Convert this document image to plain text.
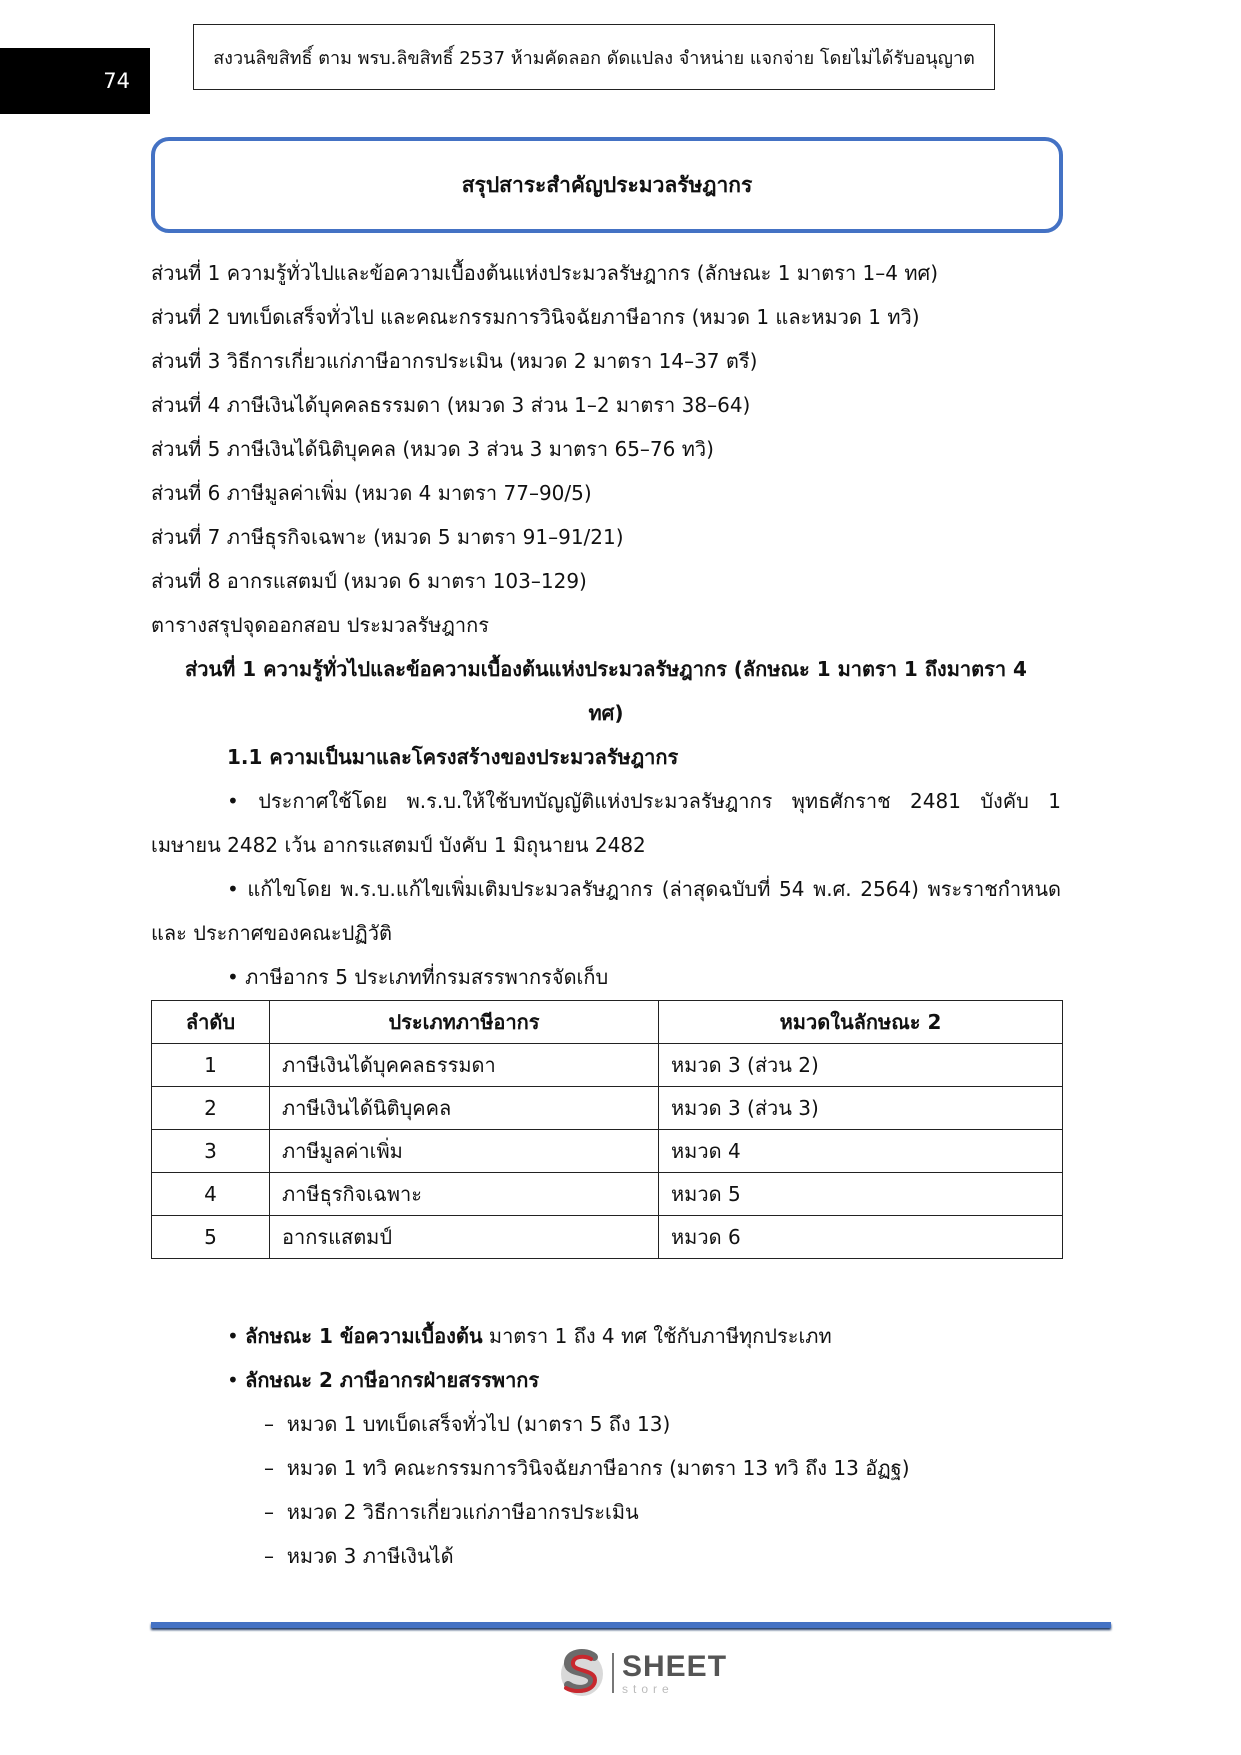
74
สงวนลิขสิทธิ์ ตาม พรบ.ลิขสิทธิ์ 2537 ห้ามคัดลอก ดัดแปลง จำหน่าย แจกจ่าย โดยไม่ได้รับอนุญาต
สรุปสาระสำคัญประมวลรัษฎากร
ส่วนที่ 1 ความรู้ทั่วไปและข้อความเบื้องต้นแห่งประมวลรัษฎากร (ลักษณะ 1 มาตรา 1–4 ทศ)
ส่วนที่ 2 บทเบ็ดเสร็จทั่วไป และคณะกรรมการวินิจฉัยภาษีอากร (หมวด 1 และหมวด 1 ทวิ)
ส่วนที่ 3 วิธีการเกี่ยวแก่ภาษีอากรประเมิน (หมวด 2 มาตรา 14–37 ตรี)
ส่วนที่ 4 ภาษีเงินได้บุคคลธรรมดา (หมวด 3 ส่วน 1–2 มาตรา 38–64)
ส่วนที่ 5 ภาษีเงินได้นิติบุคคล (หมวด 3 ส่วน 3 มาตรา 65–76 ทวิ)
ส่วนที่ 6 ภาษีมูลค่าเพิ่ม (หมวด 4 มาตรา 77–90/5)
ส่วนที่ 7 ภาษีธุรกิจเฉพาะ (หมวด 5 มาตรา 91–91/21)
ส่วนที่ 8 อากรแสตมป์ (หมวด 6 มาตรา 103–129)
ตารางสรุปจุดออกสอบ ประมวลรัษฎากร
ส่วนที่ 1 ความรู้ทั่วไปและข้อความเบื้องต้นแห่งประมวลรัษฎากร (ลักษณะ 1 มาตรา 1 ถึงมาตรา 4
ทศ)
1.1 ความเป็นมาและโครงสร้างของประมวลรัษฎากร
• ประกาศใช้โดย พ.ร.บ.ให้ใช้บทบัญญัติแห่งประมวลรัษฎากร พุทธศักราช 2481 บังคับ 1
เมษายน 2482 เว้น อากรแสตมป์ บังคับ 1 มิถุนายน 2482
• แก้ไขโดย พ.ร.บ.แก้ไขเพิ่มเติมประมวลรัษฎากร (ล่าสุดฉบับที่ 54 พ.ศ. 2564) พระราชกำหนด
และ ประกาศของคณะปฏิวัติ
• ภาษีอากร 5 ประเภทที่กรมสรรพากรจัดเก็บ
ลำดับ	ประเภทภาษีอากร	หมวดในลักษณะ 2
1	ภาษีเงินได้บุคคลธรรมดา	หมวด 3 (ส่วน 2)
2	ภาษีเงินได้นิติบุคคล	หมวด 3 (ส่วน 3)
3	ภาษีมูลค่าเพิ่ม	หมวด 4
4	ภาษีธุรกิจเฉพาะ	หมวด 5
5	อากรแสตมป์	หมวด 6
• ลักษณะ 1 ข้อความเบื้องต้น มาตรา 1 ถึง 4 ทศ ใช้กับภาษีทุกประเภท
• ลักษณะ 2 ภาษีอากรฝ่ายสรรพากร
–  หมวด 1 บทเบ็ดเสร็จทั่วไป (มาตรา 5 ถึง 13)
–  หมวด 1 ทวิ คณะกรรมการวินิจฉัยภาษีอากร (มาตรา 13 ทวิ ถึง 13 อัฏฐ)
–  หมวด 2 วิธีการเกี่ยวแก่ภาษีอากรประเมิน
–  หมวด 3 ภาษีเงินได้
SHEET
store
